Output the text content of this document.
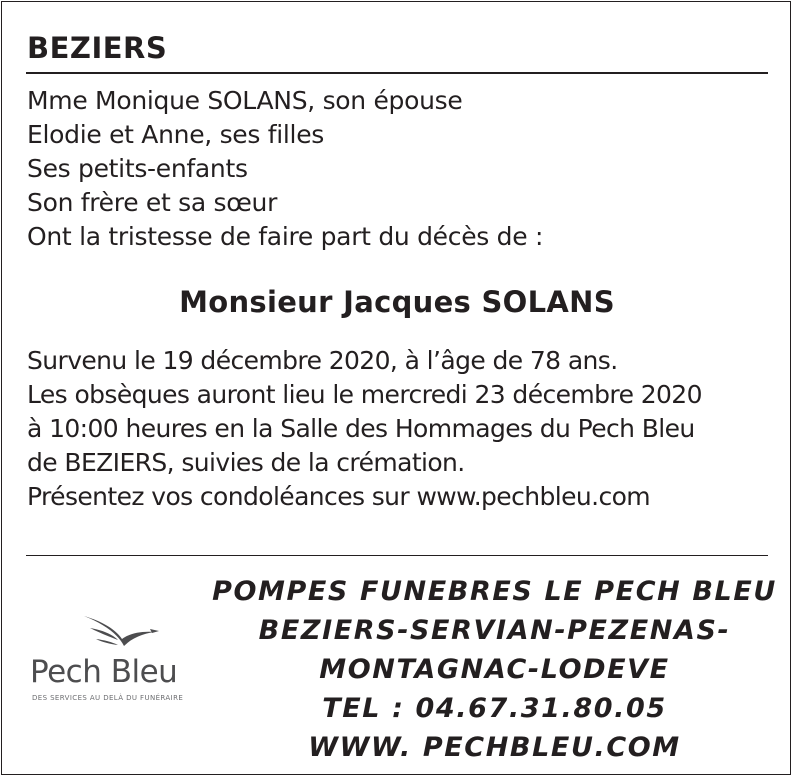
BEZIERS
Mme Monique SOLANS, son épouse
Elodie et Anne, ses filles
Ses petits-enfants
Son frère et sa sœur
Ont la tristesse de faire part du décès de :
Monsieur Jacques SOLANS
Survenu le 19 décembre 2020, à l’âge de 78 ans.
Les obsèques auront lieu le mercredi 23 décembre 2020
à 10:00 heures en la Salle des Hommages du Pech Bleu
de BEZIERS, suivies de la crémation.
Présentez vos condoléances sur www.pechbleu.com
Pech Bleu
DES SERVICES AU DELÀ DU FUNÉRAIRE
POMPES FUNEBRES LE PECH BLEU
BEZIERS-SERVIAN-PEZENAS-
MONTAGNAC-LODEVE
TEL : 04.67.31.80.05
WWW. PECHBLEU.COM
